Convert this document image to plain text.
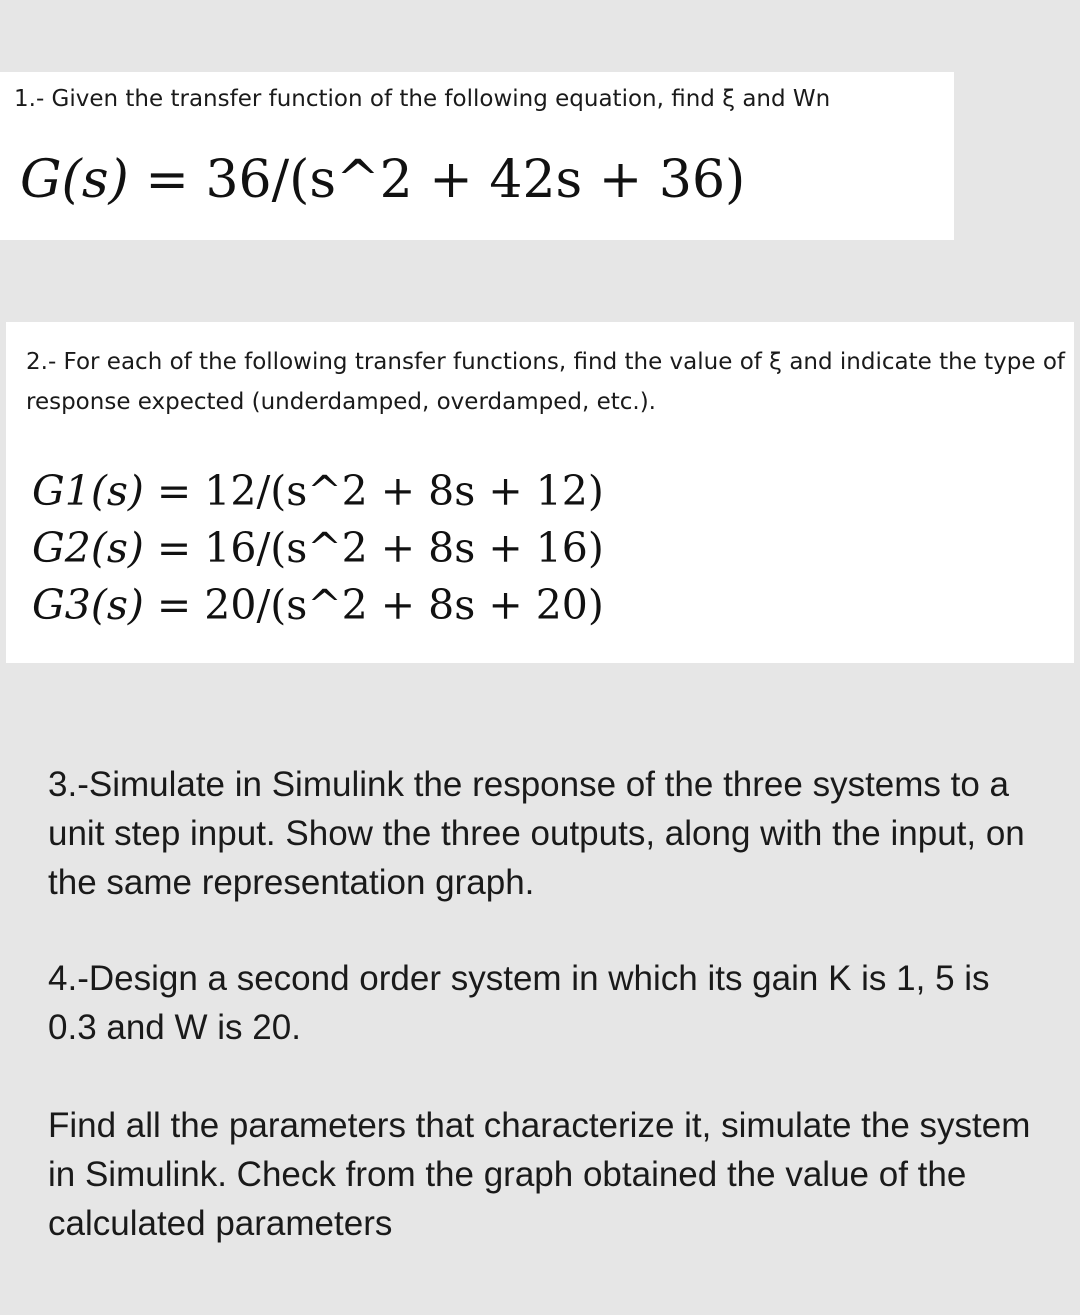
1.- Given the transfer function of the following equation, find ξ and Wn

G(s) = 36/(s^2 + 42s + 36)

2.- For each of the following transfer functions, find the value of ξ and indicate the type of response expected (underdamped, overdamped, etc.).

G1(s) = 12/(s^2 + 8s + 12)
G2(s) = 16/(s^2 + 8s + 16)
G3(s) = 20/(s^2 + 8s + 20)

3.-Simulate in Simulink the response of the three systems to a unit step input. Show the three outputs, along with the input, on the same representation graph.

4.-Design a second order system in which its gain K is 1, 5 is 0.3 and W is 20.

Find all the parameters that characterize it, simulate the system in Simulink. Check from the graph obtained the value of the calculated parameters
